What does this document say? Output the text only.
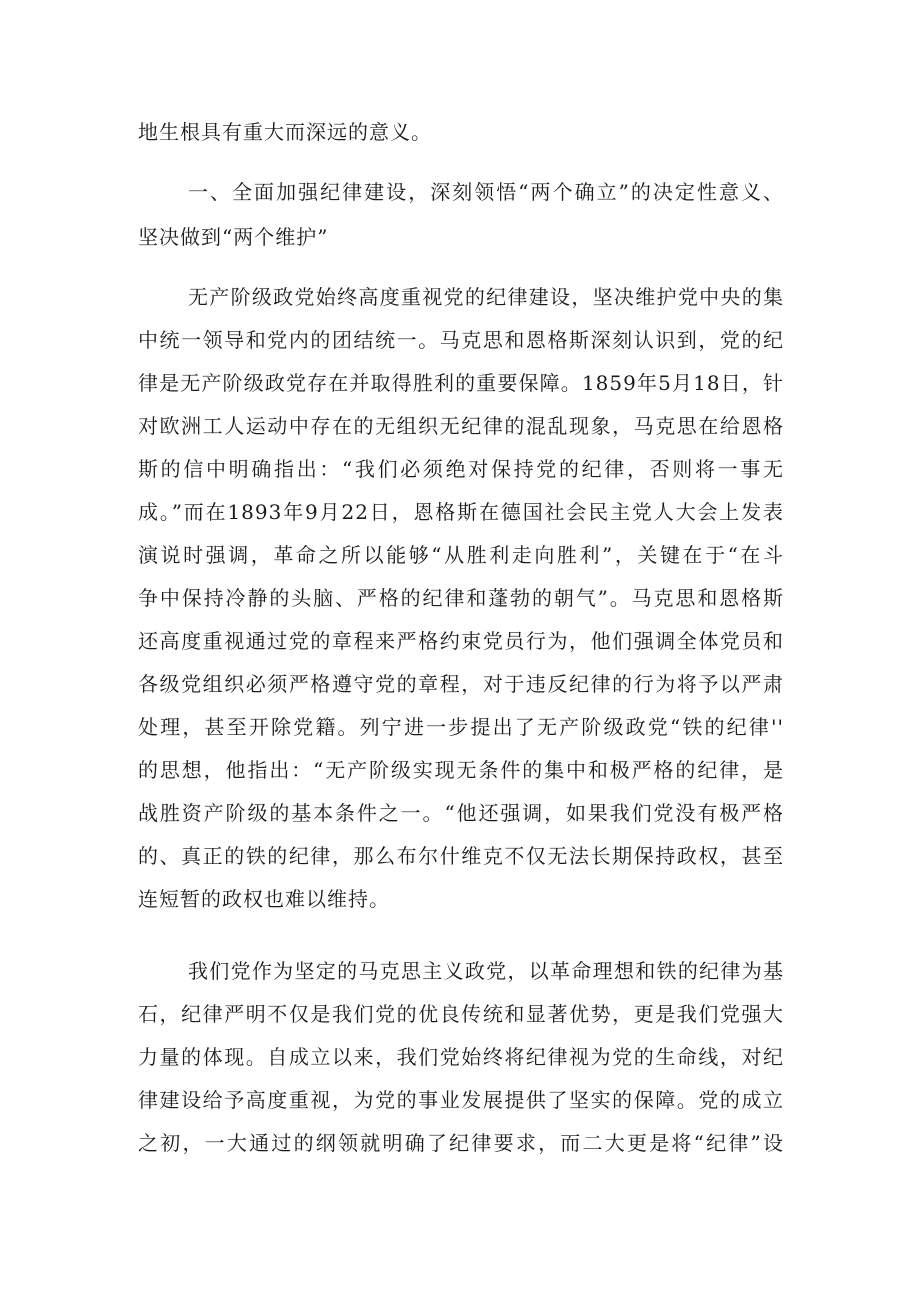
地生根具有重大而深远的意义。
一、全面加强纪律建设，深刻领悟“两个确立”的决定性意义、
坚决做到“两个维护”
无产阶级政党始终高度重视党的纪律建设，坚决维护党中央的集
中统一领导和党内的团结统一。马克思和恩格斯深刻认识到，党的纪
律是无产阶级政党存在并取得胜利的重要保障。1859年5月18日，针
对欧洲工人运动中存在的无组织无纪律的混乱现象，马克思在给恩格
斯的信中明确指出：“我们必须绝对保持党的纪律，否则将一事无
成。”而在1893年9月22日，恩格斯在德国社会民主党人大会上发表
演说时强调，革命之所以能够“从胜利走向胜利”，关键在于“在斗
争中保持冷静的头脑、严格的纪律和蓬勃的朝气”。马克思和恩格斯
还高度重视通过党的章程来严格约束党员行为，他们强调全体党员和
各级党组织必须严格遵守党的章程，对于违反纪律的行为将予以严肃
处理，甚至开除党籍。列宁进一步提出了无产阶级政党“铁的纪律''
的思想，他指出：“无产阶级实现无条件的集中和极严格的纪律，是
战胜资产阶级的基本条件之一。“他还强调，如果我们党没有极严格
的、真正的铁的纪律，那么布尔什维克不仅无法长期保持政权，甚至
连短暂的政权也难以维持。
我们党作为坚定的马克思主义政党，以革命理想和铁的纪律为基
石，纪律严明不仅是我们党的优良传统和显著优势，更是我们党强大
力量的体现。自成立以来，我们党始终将纪律视为党的生命线，对纪
律建设给予高度重视，为党的事业发展提供了坚实的保障。党的成立
之初，一大通过的纲领就明确了纪律要求，而二大更是将“纪律”设
